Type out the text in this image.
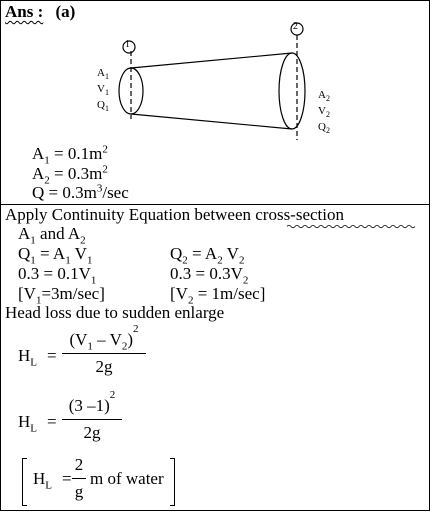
Ans : (a)
1
2
$A_1$
$V_1$
$Q_1$
$A_2$
$V_2$
$Q_2$
$A_1 = 0.1m^2$
$A_2 = 0.3m^2$
$Q = 0.3m^3/\sec$
Apply Continuity Equation between cross-section
$A_1$ and $A_2$
$Q_1 = A_1$ $V_1$	$Q_2 = A_2$ $V_2$
$0.3 = 0.1V_1$	$0.3 = 0.3V_2$
$[V_1=3m/\sec]$	$[V_2 = 1m/\sec]$
Head loss due to sudden enlarge
$H_L$ =
$(V_1 - V_2)^2$
2g
$H_L$ =
(3 –1)$^2$
2g
$H_L$ =
2
g
m of water
